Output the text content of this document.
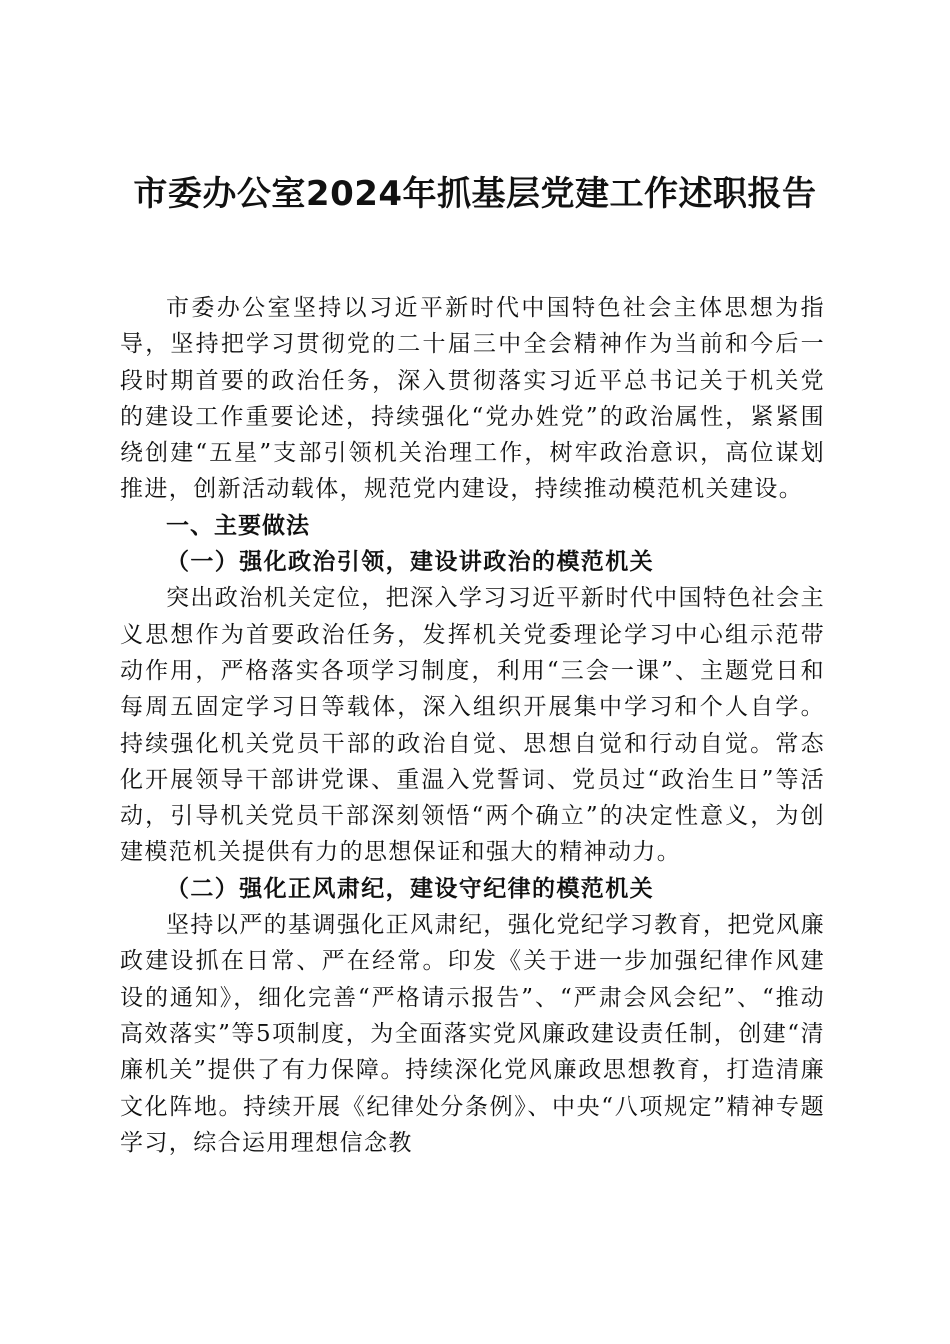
市委办公室2024年抓基层党建工作述职报告

市委办公室坚持以习近平新时代中国特色社会主体思想为指导，坚持把学习贯彻党的二十届三中全会精神作为当前和今后一段时期首要的政治任务，深入贯彻落实习近平总书记关于机关党的建设工作重要论述，持续强化“党办姓党”的政治属性，紧紧围绕创建“五星”支部引领机关治理工作，树牢政治意识，高位谋划推进，创新活动载体，规范党内建设，持续推动模范机关建设。

一、主要做法

（一）强化政治引领，建设讲政治的模范机关

突出政治机关定位，把深入学习习近平新时代中国特色社会主义思想作为首要政治任务，发挥机关党委理论学习中心组示范带动作用，严格落实各项学习制度，利用“三会一课”、主题党日和每周五固定学习日等载体，深入组织开展集中学习和个人自学。持续强化机关党员干部的政治自觉、思想自觉和行动自觉。常态化开展领导干部讲党课、重温入党誓词、党员过“政治生日”等活动，引导机关党员干部深刻领悟“两个确立”的决定性意义，为创建模范机关提供有力的思想保证和强大的精神动力。

（二）强化正风肃纪，建设守纪律的模范机关

坚持以严的基调强化正风肃纪，强化党纪学习教育，把党风廉政建设抓在日常、严在经常。印发《关于进一步加强纪律作风建设的通知》，细化完善“严格请示报告”、“严肃会风会纪”、“推动高效落实”等5项制度，为全面落实党风廉政建设责任制，创建“清廉机关”提供了有力保障。持续深化党风廉政思想教育，打造清廉文化阵地。持续开展《纪律处分条例》、中央“八项规定”精神专题学习，综合运用理想信念教
